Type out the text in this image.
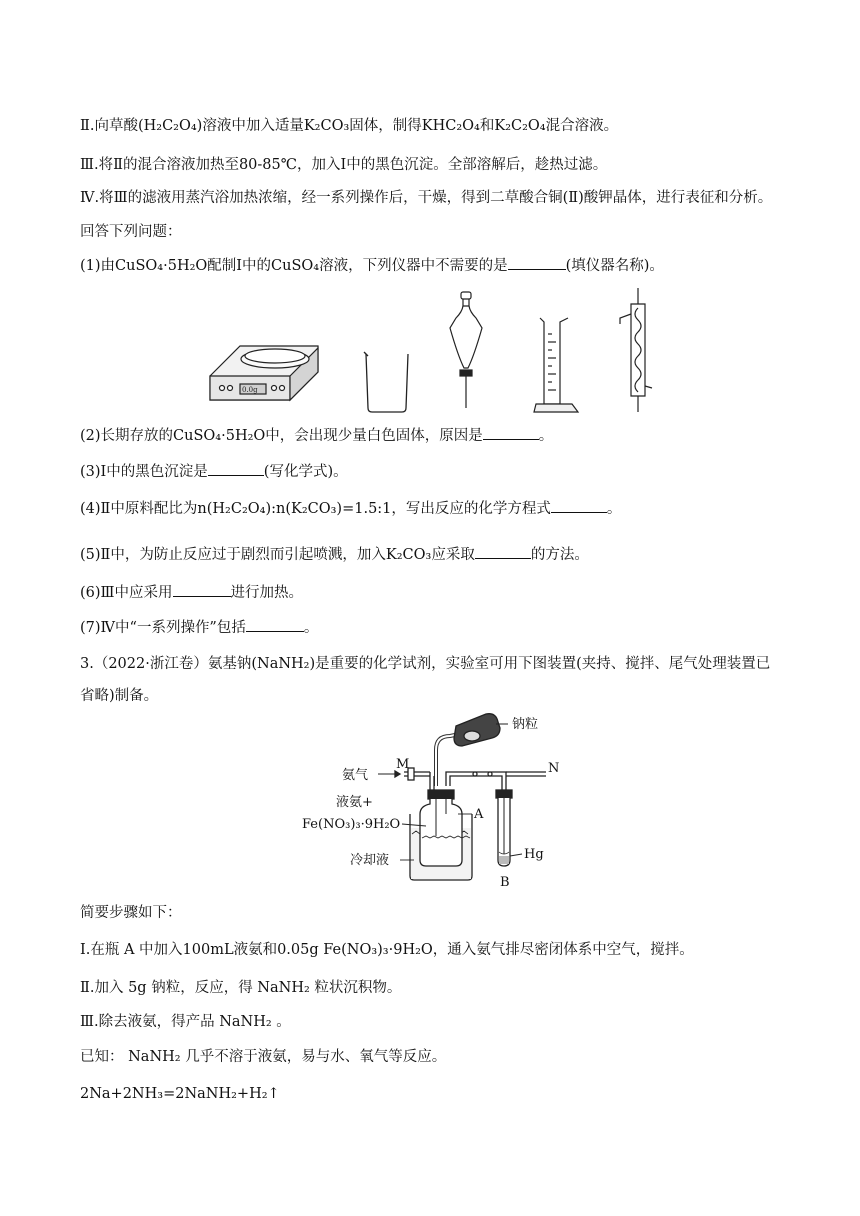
Ⅱ.向草酸(H₂C₂O₄)溶液中加入适量K₂CO₃固体，制得KHC₂O₄和K₂C₂O₄混合溶液。
Ⅲ.将Ⅱ的混合溶液加热至80-85℃，加入Ⅰ中的黑色沉淀。全部溶解后，趁热过滤。
Ⅳ.将Ⅲ的滤液用蒸汽浴加热浓缩，经一系列操作后，干燥，得到二草酸合铜(Ⅱ)酸钾晶体，进行表征和分析。
回答下列问题：
(1)由CuSO₄·5H₂O配制Ⅰ中的CuSO₄溶液，下列仪器中不需要的是	(填仪器名称)。
0.0g
(2)长期存放的CuSO₄·5H₂O中，会出现少量白色固体，原因是	。
(3)Ⅰ中的黑色沉淀是	(写化学式)。
(4)Ⅱ中原料配比为n(H₂C₂O₄):n(K₂CO₃)=1.5:1，写出反应的化学方程式	。
(5)Ⅱ中，为防止反应过于剧烈而引起喷溅，加入K₂CO₃应采取	的方法。
(6)Ⅲ中应采用	进行加热。
(7)Ⅳ中“一系列操作”包括	。
3.（2022·浙江卷）氨基钠(NaNH₂)是重要的化学试剂，实验室可用下图装置(夹持、搅拌、尾气处理装置已
省略)制备。
钠粒
氨气
M	N
液氨+
Fe(NO₃)₃·9H₂O
A
冷却液	Hg
B
简要步骤如下：
Ⅰ.在瓶 A 中加入100mL液氨和0.05g Fe(NO₃)₃·9H₂O，通入氨气排尽密闭体系中空气，搅拌。
Ⅱ.加入 5g 钠粒，反应，得 NaNH₂ 粒状沉积物。
Ⅲ.除去液氨，得产品 NaNH₂ 。
已知： NaNH₂ 几乎不溶于液氨，易与水、氧气等反应。
2Na+2NH₃=2NaNH₂+H₂↑
